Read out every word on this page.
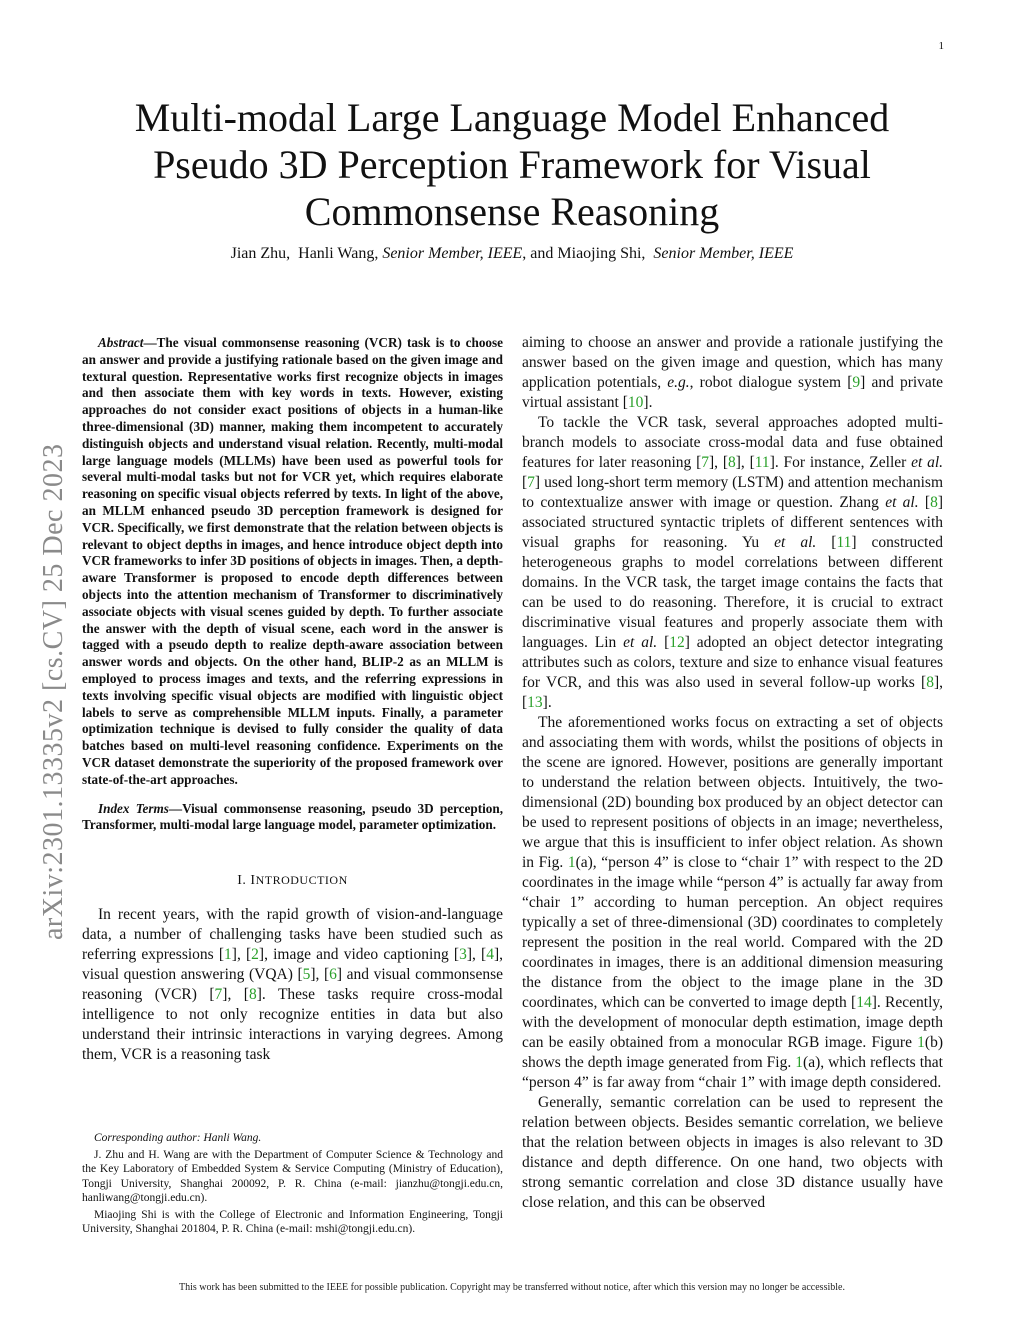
1
arXiv:2301.13335v2 [cs.CV] 25 Dec 2023
Multi-modal Large Language Model Enhanced
Pseudo 3D Perception Framework for Visual
Commonsense Reasoning
Jian Zhu, Hanli Wang, Senior Member, IEEE, and Miaojing Shi, Senior Member, IEEE

Abstract—The visual commonsense reasoning (VCR) task is to choose an answer and provide a justifying rationale based on the given image and textural question. Representative works first recognize objects in images and then associate them with key words in texts. However, existing approaches do not consider exact positions of objects in a human-like three-dimensional (3D) manner, making them incompetent to accurately distinguish objects and understand visual relation. Recently, multi-modal large language models (MLLMs) have been used as powerful tools for several multi-modal tasks but not for VCR yet, which requires elaborate reasoning on specific visual objects referred by texts. In light of the above, an MLLM enhanced pseudo 3D perception framework is designed for VCR. Specifically, we first demonstrate that the relation between objects is relevant to object depths in images, and hence introduce object depth into VCR frameworks to infer 3D positions of objects in images. Then, a depth-aware Transformer is proposed to encode depth differences between objects into the attention mechanism of Transformer to discriminatively associate objects with visual scenes guided by depth. To further associate the answer with the depth of visual scene, each word in the answer is tagged with a pseudo depth to realize depth-aware association between answer words and objects. On the other hand, BLIP-2 as an MLLM is employed to process images and texts, and the referring expressions in texts involving specific visual objects are modified with linguistic object labels to serve as comprehensible MLLM inputs. Finally, a parameter optimization technique is devised to fully consider the quality of data batches based on multi-level reasoning confidence. Experiments on the VCR dataset demonstrate the superiority of the proposed framework over state-of-the-art approaches.

Index Terms—Visual commonsense reasoning, pseudo 3D perception, Transformer, multi-modal large language model, parameter optimization.

I. INTRODUCTION

In recent years, with the rapid growth of vision-and-language data, a number of challenging tasks have been studied such as referring expressions [1], [2], image and video captioning [3], [4], visual question answering (VQA) [5], [6] and visual commonsense reasoning (VCR) [7], [8]. These tasks require cross-modal intelligence to not only recognize entities in data but also understand their intrinsic interactions in varying degrees. Among them, VCR is a reasoning task

Corresponding author: Hanli Wang.

J. Zhu and H. Wang are with the Department of Computer Science & Technology and the Key Laboratory of Embedded System & Service Computing (Ministry of Education), Tongji University, Shanghai 200092, P. R. China (e-mail: jianzhu@tongji.edu.cn, hanliwang@tongji.edu.cn).

Miaojing Shi is with the College of Electronic and Information Engineering, Tongji University, Shanghai 201804, P. R. China (e-mail: mshi@tongji.edu.cn).

aiming to choose an answer and provide a rationale justifying the answer based on the given image and question, which has many application potentials, e.g., robot dialogue system [9] and private virtual assistant [10].

To tackle the VCR task, several approaches adopted multi-branch models to associate cross-modal data and fuse obtained features for later reasoning [7], [8], [11]. For instance, Zeller et al. [7] used long-short term memory (LSTM) and attention mechanism to contextualize answer with image or question. Zhang et al. [8] associated structured syntactic triplets of different sentences with visual graphs for reasoning. Yu et al. [11] constructed heterogeneous graphs to model correlations between different domains. In the VCR task, the target image contains the facts that can be used to do reasoning. Therefore, it is crucial to extract discriminative visual features and properly associate them with languages. Lin et al. [12] adopted an object detector integrating attributes such as colors, texture and size to enhance visual features for VCR, and this was also used in several follow-up works [8], [13].

The aforementioned works focus on extracting a set of objects and associating them with words, whilst the positions of objects in the scene are ignored. However, positions are generally important to understand the relation between objects. Intuitively, the two-dimensional (2D) bounding box produced by an object detector can be used to represent positions of objects in an image; nevertheless, we argue that this is insufficient to infer object relation. As shown in Fig. 1(a), “person 4” is close to “chair 1” with respect to the 2D coordinates in the image while “person 4” is actually far away from “chair 1” according to human perception. An object requires typically a set of three-dimensional (3D) coordinates to completely represent the position in the real world. Compared with the 2D coordinates in images, there is an additional dimension measuring the distance from the object to the image plane in the 3D coordinates, which can be converted to image depth [14]. Recently, with the development of monocular depth estimation, image depth can be easily obtained from a monocular RGB image. Figure 1(b) shows the depth image generated from Fig. 1(a), which reflects that “person 4” is far away from “chair 1” with image depth considered.

Generally, semantic correlation can be used to represent the relation between objects. Besides semantic correlation, we believe that the relation between objects in images is also relevant to 3D distance and depth difference. On one hand, two objects with strong semantic correlation and close 3D distance usually have close relation, and this can be observed

This work has been submitted to the IEEE for possible publication. Copyright may be transferred without notice, after which this version may no longer be accessible.
